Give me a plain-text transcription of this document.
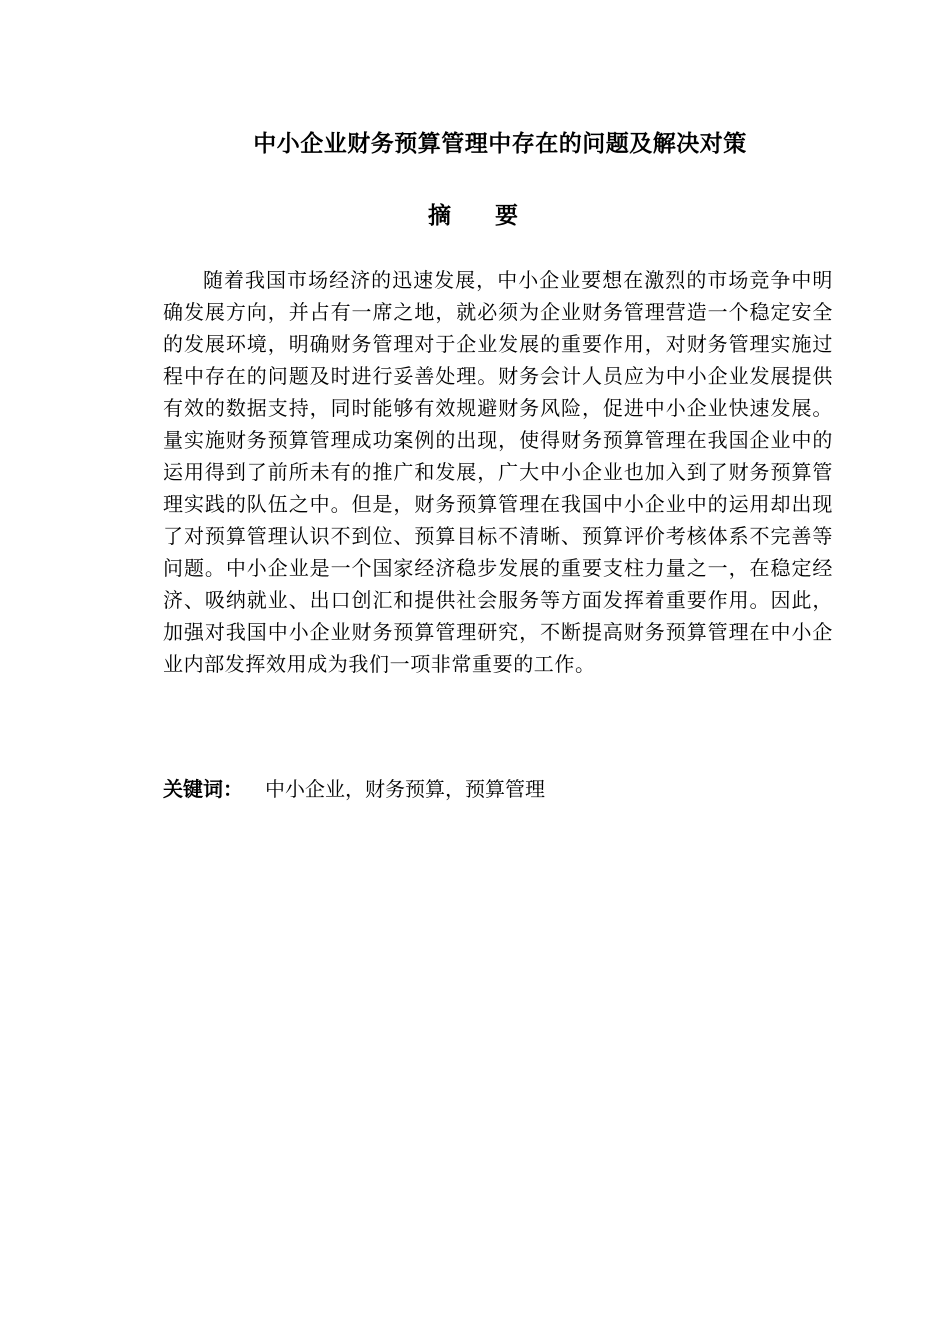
中小企业财务预算管理中存在的问题及解决对策
摘要

随着我国市场经济的迅速发展，中小企业要想在激烈的市场竞争中明确发展方向，并占有一席之地，就必须为企业财务管理营造一个稳定安全的发展环境，明确财务管理对于企业发展的重要作用，对财务管理实施过程中存在的问题及时进行妥善处理。财务会计人员应为中小企业发展提供有效的数据支持，同时能够有效规避财务风险，促进中小企业快速发展。量实施财务预算管理成功案例的出现，使得财务预算管理在我国企业中的运用得到了前所未有的推广和发展，广大中小企业也加入到了财务预算管理实践的队伍之中。但是，财务预算管理在我国中小企业中的运用却出现了对预算管理认识不到位、预算目标不清晰、预算评价考核体系不完善等问题。中小企业是一个国家经济稳步发展的重要支柱力量之一，在稳定经济、吸纳就业、出口创汇和提供社会服务等方面发挥着重要作用。因此，加强对我国中小企业财务预算管理研究，不断提高财务预算管理在中小企业内部发挥效用成为我们一项非常重要的工作。

关键词： 中小企业，财务预算，预算管理
